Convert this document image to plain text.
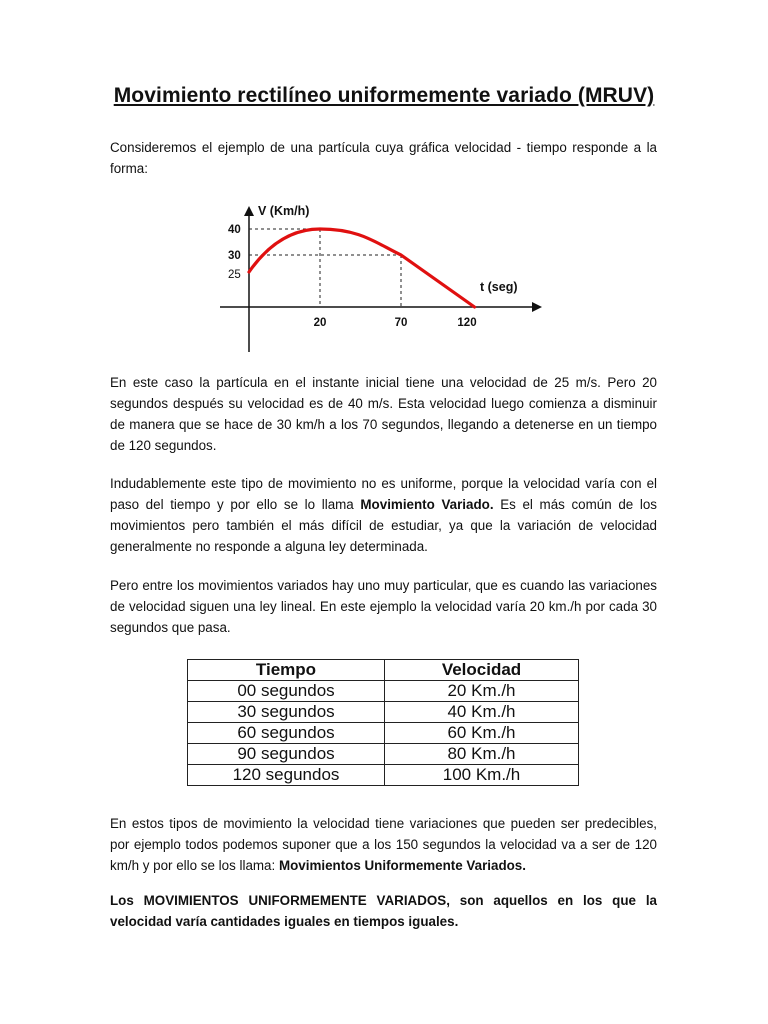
Movimiento rectilíneo uniformemente variado (MRUV)

Consideremos el ejemplo de una partícula cuya gráfica velocidad - tiempo responde a la forma:

V (Km/h)
t (seg)
40
30
25
20	70	120

En este caso la partícula en el instante inicial tiene una velocidad de 25 m/s. Pero 20 segundos después su velocidad es de 40 m/s. Esta velocidad luego comienza a disminuir de manera que se hace de 30 km/h a los 70 segundos, llegando a detenerse en un tiempo de 120 segundos.

Indudablemente este tipo de movimiento no es uniforme, porque la velocidad varía con el paso del tiempo y por ello se lo llama Movimiento Variado. Es el más común de los movimientos pero también el más difícil de estudiar, ya que la variación de velocidad generalmente no responde a alguna ley determinada.

Pero entre los movimientos variados hay uno muy particular, que es cuando las variaciones de velocidad siguen una ley lineal. En este ejemplo la velocidad varía 20 km./h por cada 30 segundos que pasa.

Tiempo	Velocidad
00 segundos	20 Km./h
30 segundos	40 Km./h
60 segundos	60 Km./h
90 segundos	80 Km./h
120 segundos	100 Km./h

En estos tipos de movimiento la velocidad tiene variaciones que pueden ser predecibles, por ejemplo todos podemos suponer que a los 150 segundos la velocidad va a ser de 120 km/h y por ello se los llama: Movimientos Uniformemente Variados.

Los MOVIMIENTOS UNIFORMEMENTE VARIADOS, son aquellos en los que la velocidad varía cantidades iguales en tiempos iguales.
